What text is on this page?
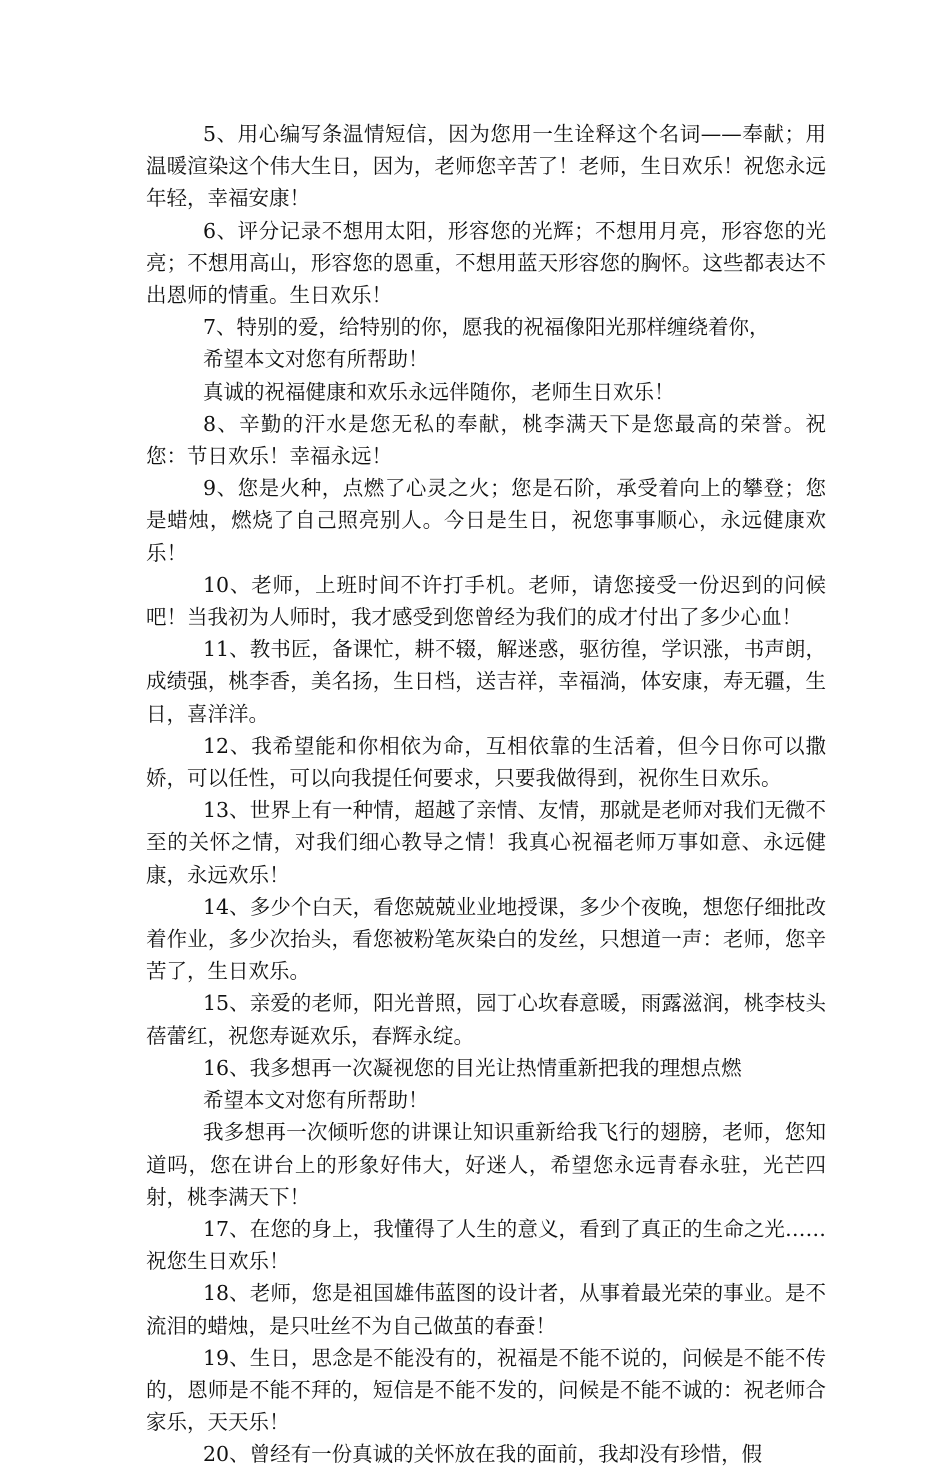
5、用心编写条温情短信，因为您用一生诠释这个名词——奉献；用温暖渲染这个伟大生日，因为，老师您辛苦了！老师，生日欢乐！祝您永远年轻，幸福安康！

6、评分记录不想用太阳，形容您的光辉；不想用月亮，形容您的光亮；不想用高山，形容您的恩重，不想用蓝天形容您的胸怀。这些都表达不出恩师的情重。生日欢乐！

7、特别的爱，给特别的你，愿我的祝福像阳光那样缠绕着你，

希望本文对您有所帮助！

真诚的祝福健康和欢乐永远伴随你，老师生日欢乐！

8、辛勤的汗水是您无私的奉献，桃李满天下是您最高的荣誉。祝您：节日欢乐！幸福永远！

9、您是火种，点燃了心灵之火；您是石阶，承受着向上的攀登；您是蜡烛，燃烧了自己照亮别人。今日是生日，祝您事事顺心，永远健康欢乐！

10、老师，上班时间不许打手机。老师，请您接受一份迟到的问候吧！当我初为人师时，我才感受到您曾经为我们的成才付出了多少心血！

11、教书匠，备课忙，耕不辍，解迷惑，驱彷徨，学识涨，书声朗，成绩强，桃李香，美名扬，生日档，送吉祥，幸福淌，体安康，寿无疆，生日，喜洋洋。

12、我希望能和你相依为命，互相依靠的生活着，但今日你可以撒娇，可以任性，可以向我提任何要求，只要我做得到，祝你生日欢乐。

13、世界上有一种情，超越了亲情、友情，那就是老师对我们无微不至的关怀之情，对我们细心教导之情！我真心祝福老师万事如意、永远健康，永远欢乐！

14、多少个白天，看您兢兢业业地授课，多少个夜晚，想您仔细批改着作业，多少次抬头，看您被粉笔灰染白的发丝，只想道一声：老师，您辛苦了，生日欢乐。

15、亲爱的老师，阳光普照，园丁心坎春意暖，雨露滋润，桃李枝头蓓蕾红，祝您寿诞欢乐，春辉永绽。

16、我多想再一次凝视您的目光让热情重新把我的理想点燃

希望本文对您有所帮助！

我多想再一次倾听您的讲课让知识重新给我飞行的翅膀，老师，您知道吗，您在讲台上的形象好伟大，好迷人，希望您永远青春永驻，光芒四射，桃李满天下！

17、在您的身上，我懂得了人生的意义，看到了真正的生命之光……祝您生日欢乐！

18、老师，您是祖国雄伟蓝图的设计者，从事着最光荣的事业。是不流泪的蜡烛，是只吐丝不为自己做茧的春蚕！

19、生日，思念是不能没有的，祝福是不能不说的，问候是不能不传的，恩师是不能不拜的，短信是不能不发的，问候是不能不诚的：祝老师合家乐，天天乐！

20、曾经有一份真诚的关怀放在我的面前，我却没有珍惜，假
